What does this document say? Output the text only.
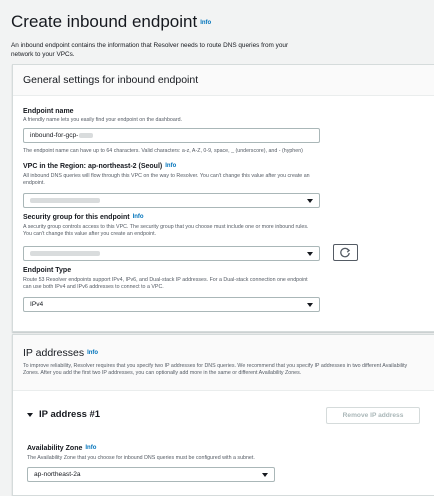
Create inbound endpoint Info
An inbound endpoint contains the information that Resolver needs to route DNS queries from your network to your VPCs.
General settings for inbound endpoint
Endpoint name
A friendly name lets you easily find your endpoint on the dashboard.
inbound-for-gcp-
The endpoint name can have up to 64 characters. Valid characters: a-z, A-Z, 0-9, space, _ (underscore), and - (hyphen)
VPC in the Region: ap-northeast-2 (Seoul) Info
All inbound DNS queries will flow through this VPC on the way to Resolver. You can't change this value after you create an endpoint.
Security group for this endpoint Info
A security group controls access to this VPC. The security group that you choose must include one or more inbound rules. You can't change this value after you create an endpoint.
Endpoint Type
Route 53 Resolver endpoints support IPv4, IPv6, and Dual-stack IP addresses. For a Dual-stack connection one endpoint can use both IPv4 and IPv6 addresses to connect to a VPC.
IPv4
IP addresses Info
To improve reliability, Resolver requires that you specify two IP addresses for DNS queries. We recommend that you specify IP addresses in two different Availability Zones. After you add the first two IP addresses, you can optionally add more in the same or different Availability Zones.
IP address #1	Remove IP address
Availability Zone Info
The Availability Zone that you choose for inbound DNS queries must be configured with a subnet.
ap-northeast-2a
